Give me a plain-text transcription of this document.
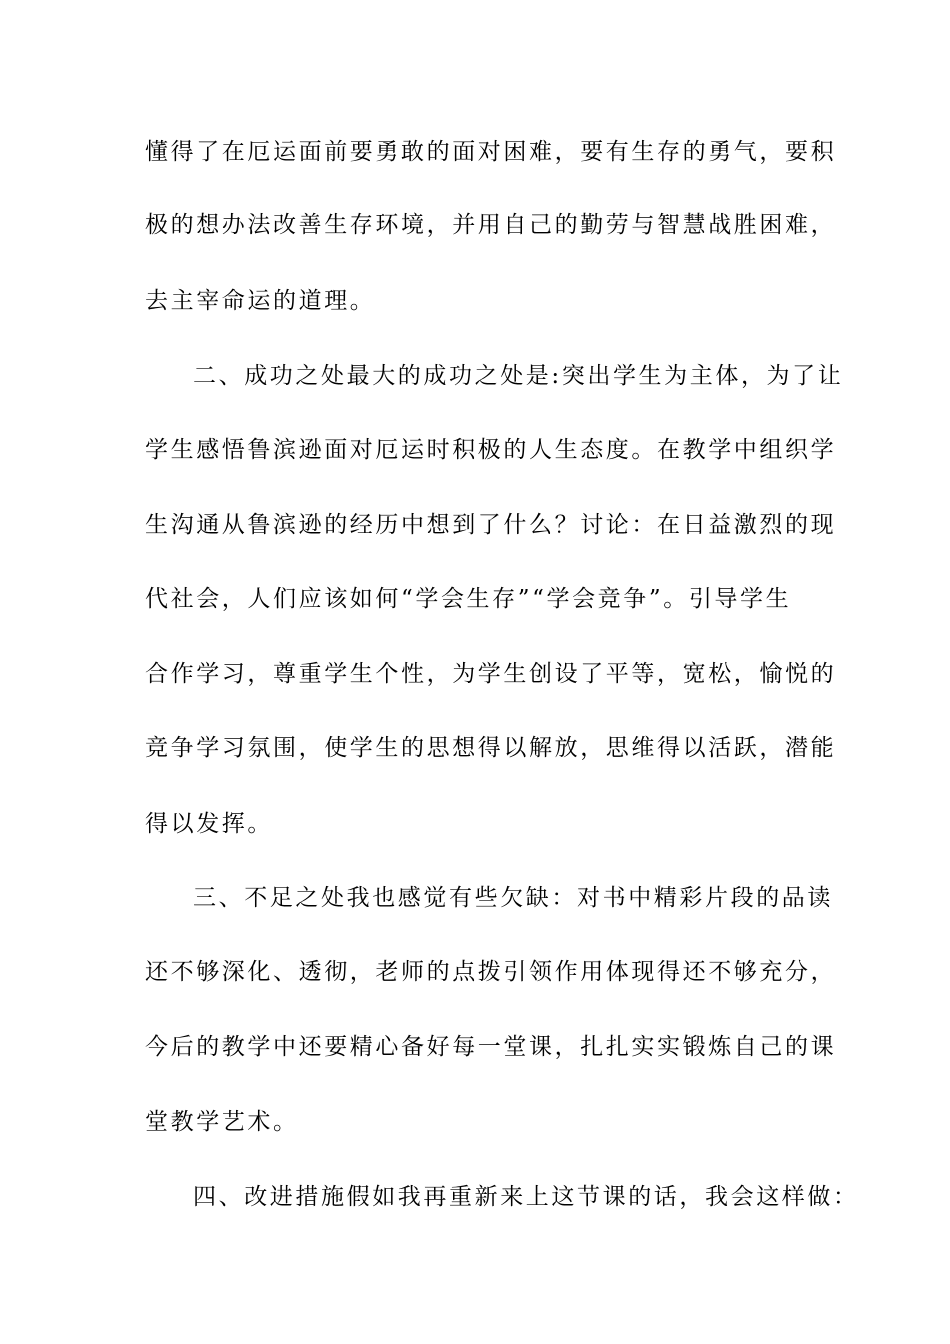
懂得了在厄运面前要勇敢的面对困难，要有生存的勇气，要积
极的想办法改善生存环境，并用自己的勤劳与智慧战胜困难，
去主宰命运的道理。
二、成功之处最大的成功之处是:突出学生为主体，为了让
学生感悟鲁滨逊面对厄运时积极的人生态度。在教学中组织学
生沟通从鲁滨逊的经历中想到了什么？讨论：在日益激烈的现
代社会，人们应该如何“学会生存”“学会竞争”。引导学生
合作学习，尊重学生个性，为学生创设了平等，宽松，愉悦的
竞争学习氛围，使学生的思想得以解放，思维得以活跃，潜能
得以发挥。
三、不足之处我也感觉有些欠缺：对书中精彩片段的品读
还不够深化、透彻，老师的点拨引领作用体现得还不够充分，
今后的教学中还要精心备好每一堂课，扎扎实实锻炼自己的课
堂教学艺术。
四、改进措施假如我再重新来上这节课的话，我会这样做：
